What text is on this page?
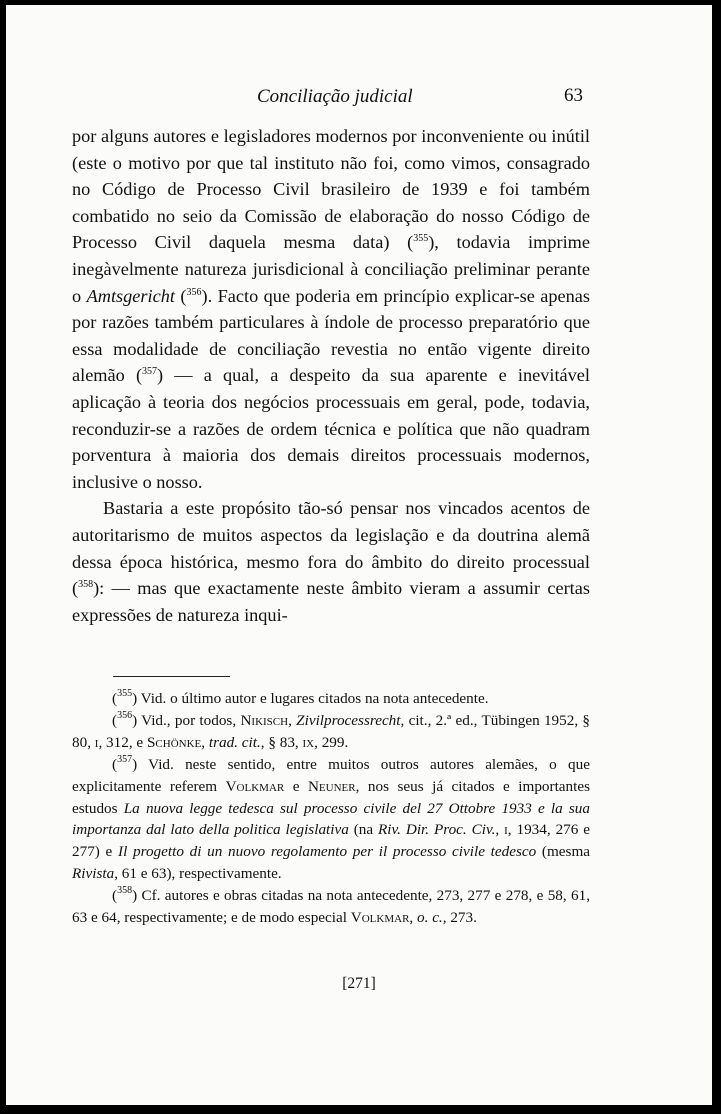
Conciliação judicial	63

por alguns autores e legisladores modernos por inconveniente ou inútil (este o motivo por que tal instituto não foi, como vimos, consagrado no Código de Processo Civil brasileiro de 1939 e foi também combatido no seio da Comissão de elaboração do nosso Código de Processo Civil daquela mesma data) ($^{355}$), todavia imprime inegàvelmente natureza jurisdicional à conciliação preliminar perante o Amtsgericht ($^{356}$). Facto que poderia em princípio explicar-se apenas por razões também particulares à índole de processo preparatório que essa modalidade de conciliação revestia no então vigente direito alemão ($^{357}$) — a qual, a despeito da sua aparente e inevitável aplicação à teoria dos negócios processuais em geral, pode, todavia, reconduzir-se a razões de ordem técnica e política que não quadram porventura à maioria dos demais direitos processuais modernos, inclusive o nosso.

Bastaria a este propósito tão-só pensar nos vincados acentos de autoritarismo de muitos aspectos da legislação e da doutrina alemã dessa época histórica, mesmo fora do âmbito do direito processual ($^{358}$): — mas que exactamente neste âmbito vieram a assumir certas expressões de natureza inqui-

($^{355}$) Vid. o último autor e lugares citados na nota antecedente.

($^{356}$) Vid., por todos, Nikisch, Zivilprocessrecht, cit., 2.ª ed., Tübingen 1952, § 80, i, 312, e Schönke, trad. cit., § 83, ix, 299.

($^{357}$) Vid. neste sentido, entre muitos outros autores alemães, o que explicitamente referem Volkmar e Neuner, nos seus já citados e importantes estudos La nuova legge tedesca sul processo civile del 27 Ottobre 1933 e la sua importanza dal lato della politica legislativa (na Riv. Dir. Proc. Civ., i, 1934, 276 e 277) e Il progetto di un nuovo regolamento per il processo civile tedesco (mesma Rivista, 61 e 63), respectivamente.

($^{358}$) Cf. autores e obras citadas na nota antecedente, 273, 277 e 278, e 58, 61, 63 e 64, respectivamente; e de modo especial Volkmar, o. c., 273.

[271]
